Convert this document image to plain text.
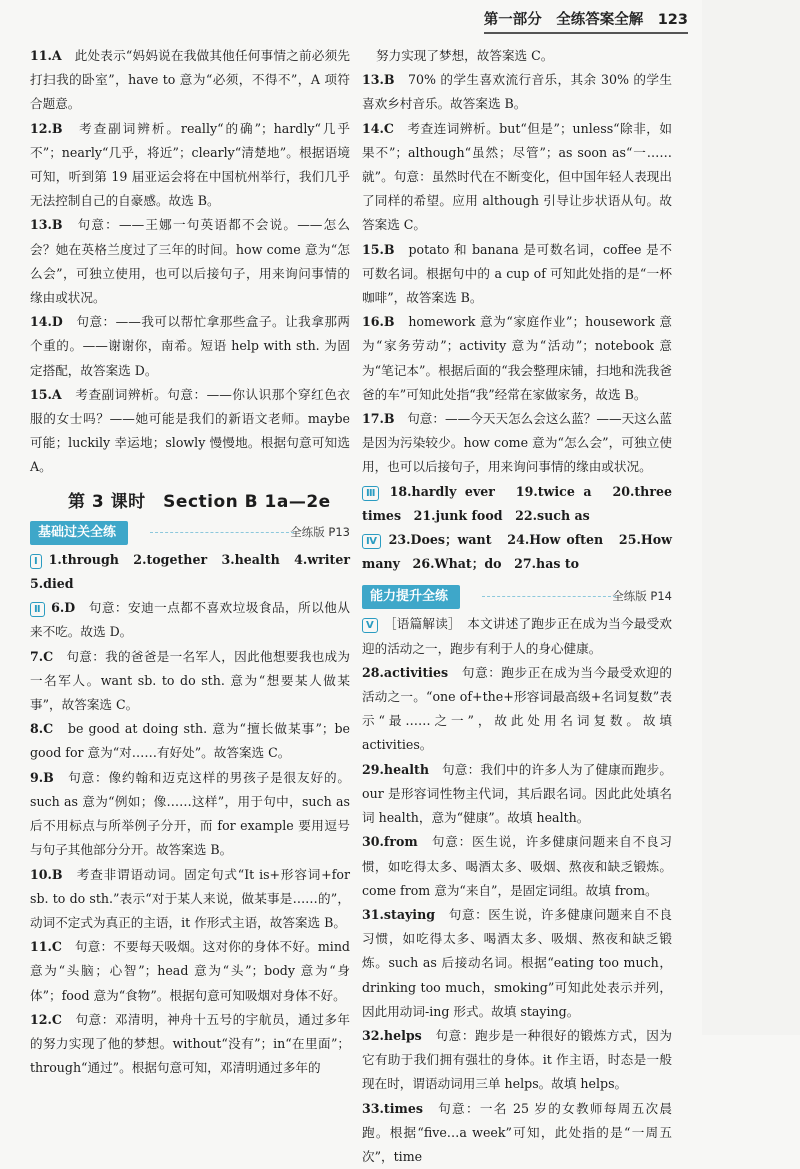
第一部分　全练答案全解　123

11.A　此处表示“妈妈说在我做其他任何事情之前必须先打扫我的卧室”，have to 意为“必须，不得不”，A 项符合题意。

12.B　考查副词辨析。really“的确”；hardly“几乎不”；nearly“几乎，将近”；clearly“清楚地”。根据语境可知，听到第 19 届亚运会将在中国杭州举行，我们几乎无法控制自己的自豪感。故选 B。

13.B　句意：——王娜一句英语都不会说。——怎么会？她在英格兰度过了三年的时间。how come 意为“怎么会”，可独立使用，也可以后接句子，用来询问事情的缘由或状况。

14.D　句意：——我可以帮忙拿那些盒子。让我拿那两个重的。——谢谢你，南希。短语 help with sth. 为固定搭配，故答案选 D。

15.A　考查副词辨析。句意：——你认识那个穿红色衣服的女士吗？——她可能是我们的新语文老师。maybe 可能；luckily 幸运地；slowly 慢慢地。根据句意可知选 A。

第 3 课时　Section B 1a—2e
基础过关全练	全练版 P13

Ⅰ 1.through　2.together　3.health　4.writer　5.died

Ⅱ 6.D　句意：安迪一点都不喜欢垃圾食品，所以他从来不吃。故选 D。

7.C　句意：我的爸爸是一名军人，因此他想要我也成为一名军人。want sb. to do sth. 意为“想要某人做某事”，故答案选 C。

8.C　be good at doing sth. 意为“擅长做某事”；be good for 意为“对……有好处”。故答案选 C。

9.B　句意：像约翰和迈克这样的男孩子是很友好的。such as 意为“例如；像……这样”，用于句中，such as 后不用标点与所举例子分开，而 for example 要用逗号与句子其他部分分开。故答案选 B。

10.B　考查非谓语动词。固定句式“It is+形容词+for sb. to do sth.”表示“对于某人来说，做某事是……的”，动词不定式为真正的主语，it 作形式主语，故答案选 B。

11.C　句意：不要每天吸烟。这对你的身体不好。mind 意为“头脑；心智”；head 意为“头”；body 意为“身体”；food 意为“食物”。根据句意可知吸烟对身体不好。

12.C　句意：邓清明，神舟十五号的宇航员，通过多年的努力实现了他的梦想。without“没有”；in“在里面”；through“通过”。根据句意可知，邓清明通过多年的

努力实现了梦想，故答案选 C。

13.B　70% 的学生喜欢流行音乐，其余 30% 的学生喜欢乡村音乐。故答案选 B。

14.C　考查连词辨析。but“但是”；unless“除非，如果不”；although“虽然；尽管”；as soon as“一……就”。句意：虽然时代在不断变化，但中国年轻人表现出了同样的希望。应用 although 引导让步状语从句。故答案选 C。

15.B　potato 和 banana 是可数名词，coffee 是不可数名词。根据句中的 a cup of 可知此处指的是“一杯咖啡”，故答案选 B。

16.B　homework 意为“家庭作业”；housework 意为“家务劳动”；activity 意为“活动”；notebook 意为“笔记本”。根据后面的“我会整理床铺，扫地和洗我爸爸的车”可知此处指“我”经常在家做家务，故选 B。

17.B　句意：——今天天怎么会这么蓝？——天这么蓝是因为污染较少。how come 意为“怎么会”，可独立使用，也可以后接句子，用来询问事情的缘由或状况。

Ⅲ 18.hardly ever　19.twice a　20.three times　21.junk food　22.such as

Ⅳ 23.Does；want　24.How often　25.How many　26.What；do　27.has to

能力提升全练	全练版 P14

Ⅴ ［语篇解读］　本文讲述了跑步正在成为当今最受欢迎的活动之一，跑步有利于人的身心健康。

28.activities　句意：跑步正在成为当今最受欢迎的活动之一。“one of+the+形容词最高级+名词复数”表示“最……之一”，故此处用名词复数。故填 activities。

29.health　句意：我们中的许多人为了健康而跑步。our 是形容词性物主代词，其后跟名词。因此此处填名词 health，意为“健康”。故填 health。

30.from　句意：医生说，许多健康问题来自不良习惯，如吃得太多、喝酒太多、吸烟、熬夜和缺乏锻炼。come from 意为“来自”，是固定词组。故填 from。

31.staying　句意：医生说，许多健康问题来自不良习惯，如吃得太多、喝酒太多、吸烟、熬夜和缺乏锻炼。such as 后接动名词。根据“eating too much，drinking too much，smoking”可知此处表示并列，因此用动词-ing 形式。故填 staying。

32.helps　句意：跑步是一种很好的锻炼方式，因为它有助于我们拥有强壮的身体。it 作主语，时态是一般现在时，谓语动词用三单 helps。故填 helps。

33.times　句意：一名 25 岁的女教师每周五次晨跑。根据“five…a week”可知，此处指的是“一周五次”，time
